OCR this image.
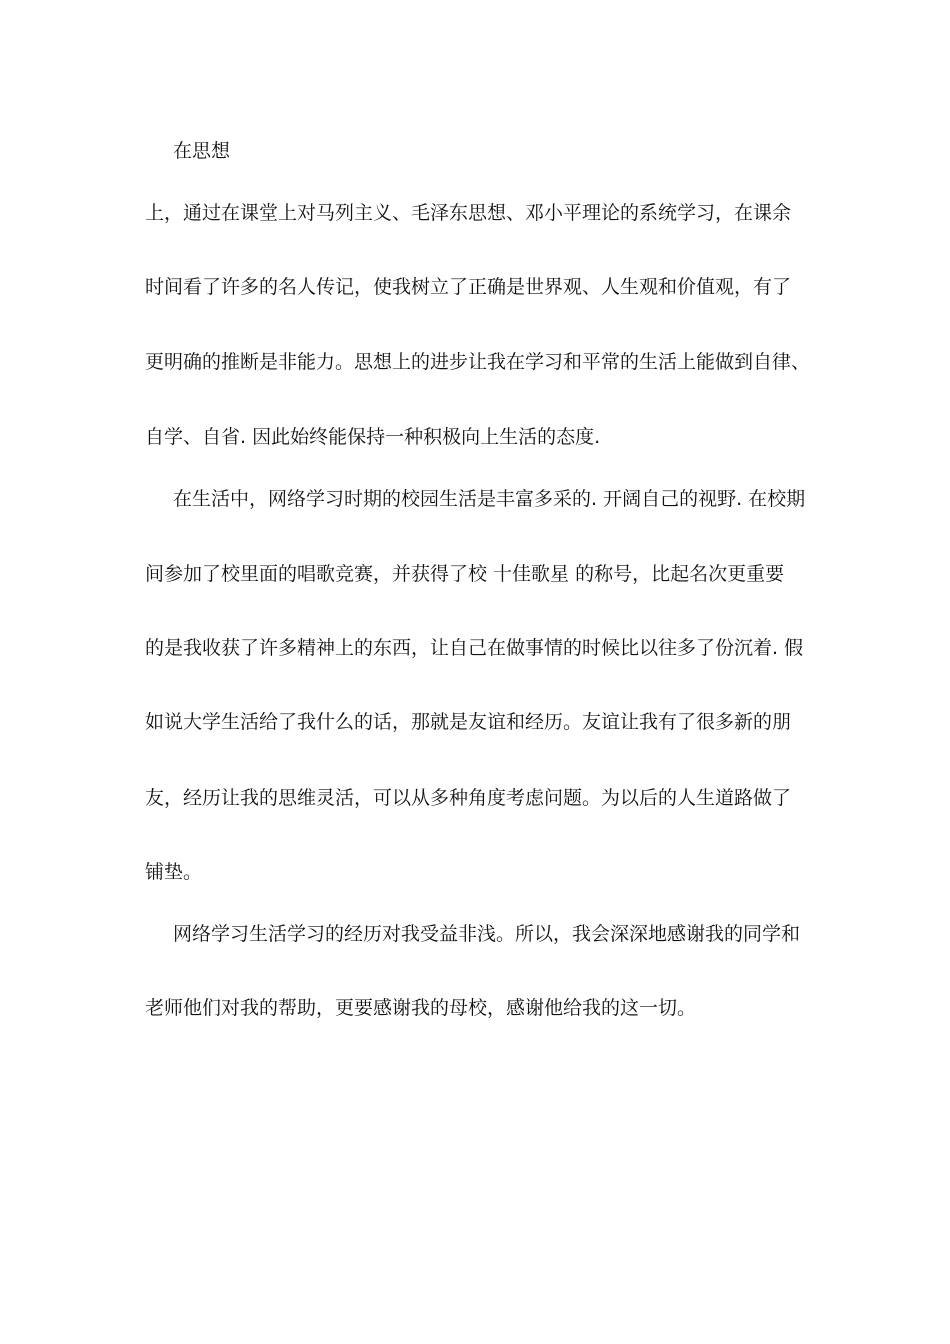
在思想
上，通过在课堂上对马列主义、毛泽东思想、邓小平理论的系统学习，在课余
时间看了许多的名人传记，使我树立了正确是世界观、人生观和价值观，有了
更明确的推断是非能力。思想上的进步让我在学习和平常的生活上能做到自律、
自学、自省. 因此始终能保持一种积极向上生活的态度.
在生活中，网络学习时期的校园生活是丰富多采的. 开阔自己的视野. 在校期
间参加了校里面的唱歌竞赛，并获得了校 十佳歌星 的称号，比起名次更重要
的是我收获了许多精神上的东西，让自己在做事情的时候比以往多了份沉着. 假
如说大学生活给了我什么的话，那就是友谊和经历。友谊让我有了很多新的朋
友，经历让我的思维灵活，可以从多种角度考虑问题。为以后的人生道路做了
铺垫。
网络学习生活学习的经历对我受益非浅。所以，我会深深地感谢我的同学和
老师他们对我的帮助，更要感谢我的母校，感谢他给我的这一切。
